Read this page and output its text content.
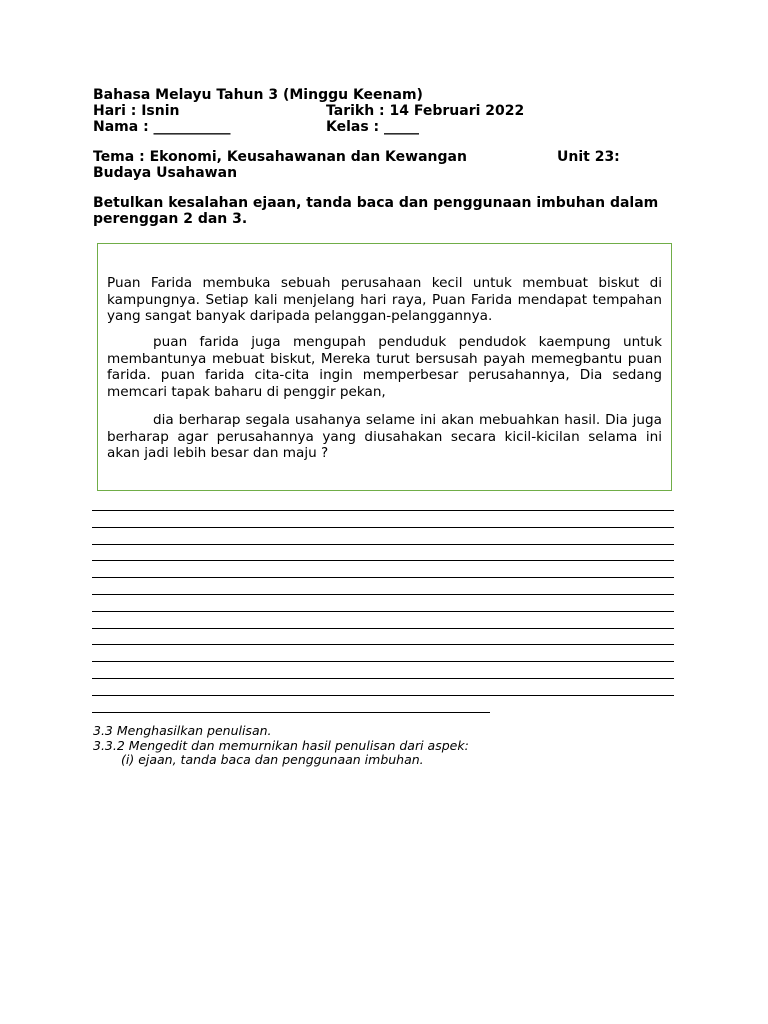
Bahasa Melayu Tahun 3 (Minggu Keenam)
Hari : Isnin	Tarikh : 14 Februari 2022
Nama : ___________	Kelas : _____
Tema : Ekonomi, Keusahawanan dan Kewangan	Unit 23:
Budaya Usahawan
Betulkan kesalahan ejaan, tanda baca dan penggunaan imbuhan dalam perenggan 2 dan 3.
Puan Farida membuka sebuah perusahaan kecil untuk membuat biskut di kampungnya. Setiap kali menjelang hari raya, Puan Farida mendapat tempahan yang sangat banyak daripada pelanggan-pelanggannya.
puan farida juga mengupah penduduk pendudok kaempung untuk membantunya mebuat biskut, Mereka turut bersusah payah memegbantu puan farida. puan farida cita-cita ingin memperbesar perusahannya, Dia sedang memcari tapak baharu di penggir pekan,
dia berharap segala usahanya selame ini akan mebuahkan hasil. Dia juga berharap agar perusahannya yang diusahakan secara kicil-kicilan selama ini akan jadi lebih besar dan maju ?
3.3 Menghasilkan penulisan.
3.3.2 Mengedit dan memurnikan hasil penulisan dari aspek:
(i) ejaan, tanda baca dan penggunaan imbuhan.
